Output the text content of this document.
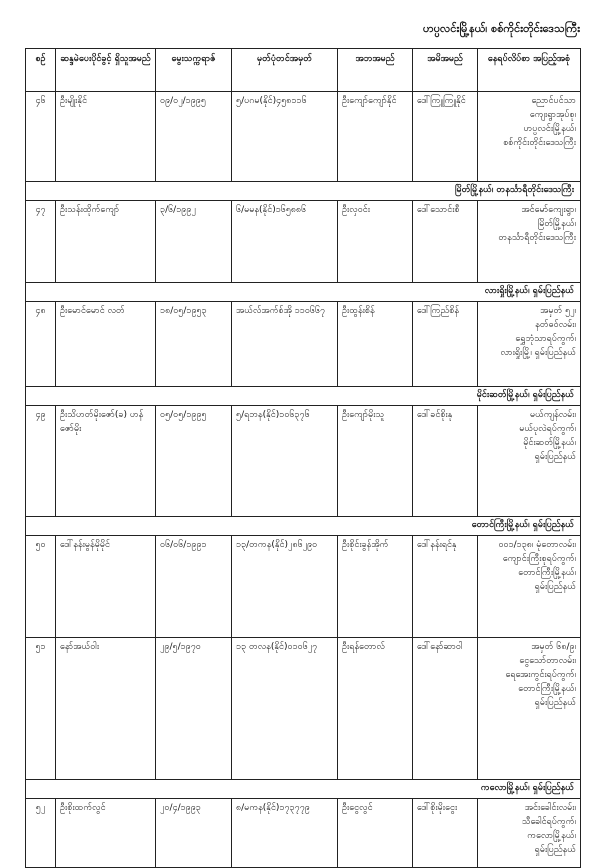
ဟပ္ပလင်းမြို့နယ်၊ စစ်ကိုင်းတိုင်းဒေသကြီး
စဉ်	ဆန္ဒမဲပေးပိုင်ခွင့် ရှိသူအမည်	မွေးသက္ကရာဇ်	မှတ်ပုံတင်အမှတ်	အဘအမည်	အမိအမည်	နေရပ်လိပ်စာ အပြည့်အစုံ
၄၆	ဦးမျိုးနိုင်	၀၉/၀၂/၁၉၉၅	၅/ပဂမ(နိုင်)၄၅၈၁၁၆	ဦးကျော်ကျော်နိုင်	ဒေါ်ကြူကြူနိုင်	ညောင်ပင်သာ
ကျေးရွာအုပ်စု၊
ဟပ္ပလင်းမြို့နယ်၊
စစ်ကိုင်းတိုင်းဒေသကြီး

မြိတ်မြို့နယ်၊ တနင်္သာရီတိုင်းဒေသကြီး						
၄၇	ဦးသန်းထိုက်ကျော်	၃/၆/၁၉၉၂	၆/မမန(နိုင်)၁၆၅၈၈၆	ဦးလှဝင်း	ဒေါ်သောင်းစီ	အင်မော်ကျေးရွာ၊
မြိတ်မြို့နယ်၊
တနင်္သာရီတိုင်းဒေသကြီး

လားရှိုးမြို့နယ်၊ ရှမ်းပြည်နယ်						
၄၈	ဦးမောင်မောင် လတ်	၁၈/၀၅/၁၉၅၃	အယ်လ်အက်စ်အို ၁၁၀၆၆၇	ဦးထွန်းစိန်	ဒေါ်ကြည်စိန်	အမှတ် ၅၂၊
နတ်ဓဝ်လမ်း၊
ရွှေဘုံသာရပ်ကွက်၊
လားရှိုးမြို့၊ ရှမ်းပြည်နယ်

မိုင်းဆတ်မြို့နယ်၊ ရှမ်းပြည်နယ်						
၄၉	ဦးသိဟတ်မိုးဇော်(ခ) ဟန်ဇော်မိုး	၀၅/၀၅/၁၉၉၅	၅/ရဘန(နိုင်)၁၀၆၃၇၆	ဦးကျော်မိုးသူ	ဒေါ်ခင်စိုးနု	မယ်ကျန်လမ်း၊
မယ်ပုလဲရပ်ကွက်၊
မိုင်းဆတ်မြို့နယ်၊
ရှမ်းပြည်နယ်

တောင်ကြီးမြို့နယ်၊ ရှမ်းပြည်နယ်						
၅၀	ဒေါ်နန်းမွန်မိုမိုင်	၀၆/၀၆/၁၉၉၁	၁၃/တကန(နိုင်)၂၈၆၂၉၀	ဦးစိုင်းခွန်အိုက်	ဒေါ်နန်းရင်နု	၀၀၁/၁၃၈၊ မုံတောလမ်း၊
ကျောင်းကြီးစုရပ်ကွက်၊
တောင်ကြီးမြို့နယ်၊
ရှမ်းပြည်နယ်

၅၁	နော်အယ်ဝါး	၂၉/၅/၁၉၇၀	၁၃ တလန(နိုင်)၀၁၀၆၂၇	ဦးရန်တောလ်	ဒေါ်နော်ဆာဝါ	အမှတ် ၆၈/၉၊
ငွေသော်တာလမ်း၊
ရေအေးကွင်းရပ်ကွက်၊
တောင်ကြီးမြို့နယ်၊
ရှမ်းပြည်နယ်

ကလောမြို့နယ်၊ ရှမ်းပြည်နယ်						
၅၂	ဦးစိုးထက်လွင်	၂၀/၄/၁၉၉၃	၈/မကန(နိုင်)၁၇၃၇၇၉	ဦးငွေလွင်	ဒေါ်စိုးမိုးငွေး	အင်းခေါင်းလမ်း၊
သီခေါင်ရပ်ကွက်၊
ကလောမြို့နယ်၊
ရှမ်းပြည်နယ်
